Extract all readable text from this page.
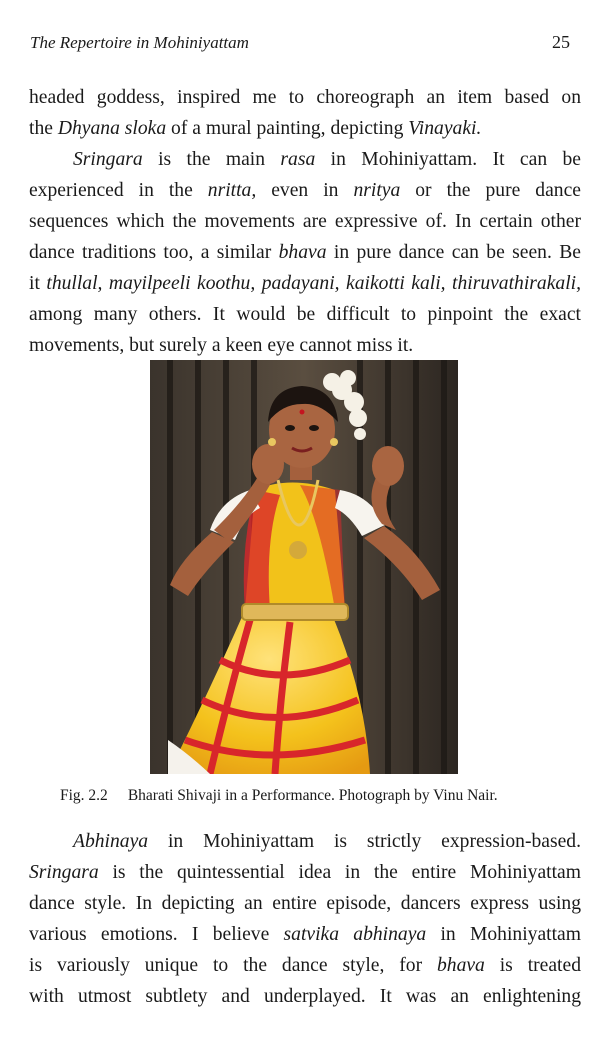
The Repertoire in Mohiniyattam	25
headed goddess, inspired me to choreograph an item based on
the Dhyana sloka of a mural painting, depicting Vinayaki.
Sringara is the main rasa in Mohiniyattam. It can be
experienced in the nritta, even in nritya or the pure dance
sequences which the movements are expressive of. In certain other
dance traditions too, a similar bhava in pure dance can be seen. Be
it thullal, mayilpeeli koothu, padayani, kaikotti kali, thiruvathirakali,
among many others. It would be difficult to pinpoint the exact
movements, but surely a keen eye cannot miss it.
Fig. 2.2 Bharati Shivaji in a Performance. Photograph by Vinu Nair.
Abhinaya in Mohiniyattam is strictly expression-based.
Sringara is the quintessential idea in the entire Mohiniyattam
dance style. In depicting an entire episode, dancers express using
various emotions. I believe satvika abhinaya in Mohiniyattam
is variously unique to the dance style, for bhava is treated
with utmost subtlety and underplayed. It was an enlightening
